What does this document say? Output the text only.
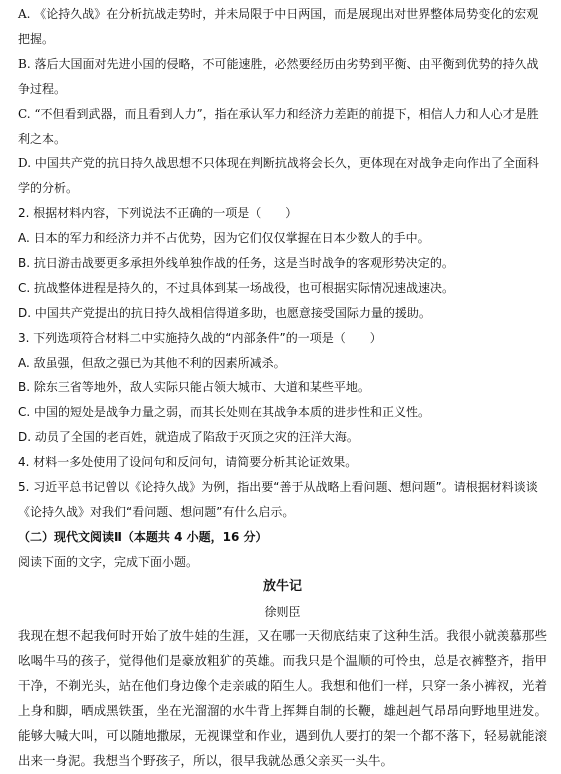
A. 《论持久战》在分析抗战走势时，并未局限于中日两国，而是展现出对世界整体局势变化的宏观把握。
B. 落后大国面对先进小国的侵略，不可能速胜，必然要经历由劣势到平衡、由平衡到优势的持久战争过程。
C. “不但看到武器，而且看到人力”，指在承认军力和经济力差距的前提下，相信人力和人心才是胜利之本。
D. 中国共产党的抗日持久战思想不只体现在判断抗战将会长久，更体现在对战争走向作出了全面科学的分析。
2. 根据材料内容，下列说法不正确的一项是（　　）
A. 日本的军力和经济力并不占优势，因为它们仅仅掌握在日本少数人的手中。
B. 抗日游击战要更多承担外线单独作战的任务，这是当时战争的客观形势决定的。
C. 抗战整体进程是持久的，不过具体到某一场战役，也可根据实际情况速战速决。
D. 中国共产党提出的抗日持久战相信得道多助，也愿意接受国际力量的援助。
3. 下列选项符合材料二中实施持久战的“内部条件”的一项是（　　）
A. 敌虽强，但敌之强已为其他不利的因素所减杀。
B. 除东三省等地外，敌人实际只能占领大城市、大道和某些平地。
C. 中国的短处是战争力量之弱，而其长处则在其战争本质的进步性和正义性。
D. 动员了全国的老百姓，就造成了陷敌于灭顶之灾的汪洋大海。
4. 材料一多处使用了设问句和反问句，请简要分析其论证效果。
5. 习近平总书记曾以《论持久战》为例，指出要“善于从战略上看问题、想问题”。请根据材料谈谈《论持久战》对我们“看问题、想问题”有什么启示。
（二）现代文阅读Ⅱ（本题共 4 小题，16 分）
阅读下面的文字，完成下面小题。
放牛记
徐则臣
我现在想不起我何时开始了放牛娃的生涯，又在哪一天彻底结束了这种生活。我很小就羡慕那些吆喝牛马的孩子，觉得他们是豪放粗犷的英雄。而我只是个温顺的可怜虫，总是衣裤整齐，指甲干净，不剃光头，站在他们身边像个走亲戚的陌生人。我想和他们一样，只穿一条小裤衩，光着上身和脚，晒成黑铁蛋，坐在光溜溜的水牛背上挥舞自制的长鞭，雄赳赳气昂昂向野地里进发。能够大喊大叫，可以随地撒尿，无视课堂和作业，遇到仇人要打的架一个都不落下，轻易就能滚出来一身泥。我想当个野孩子，所以，很早我就怂恿父亲买一头牛。
